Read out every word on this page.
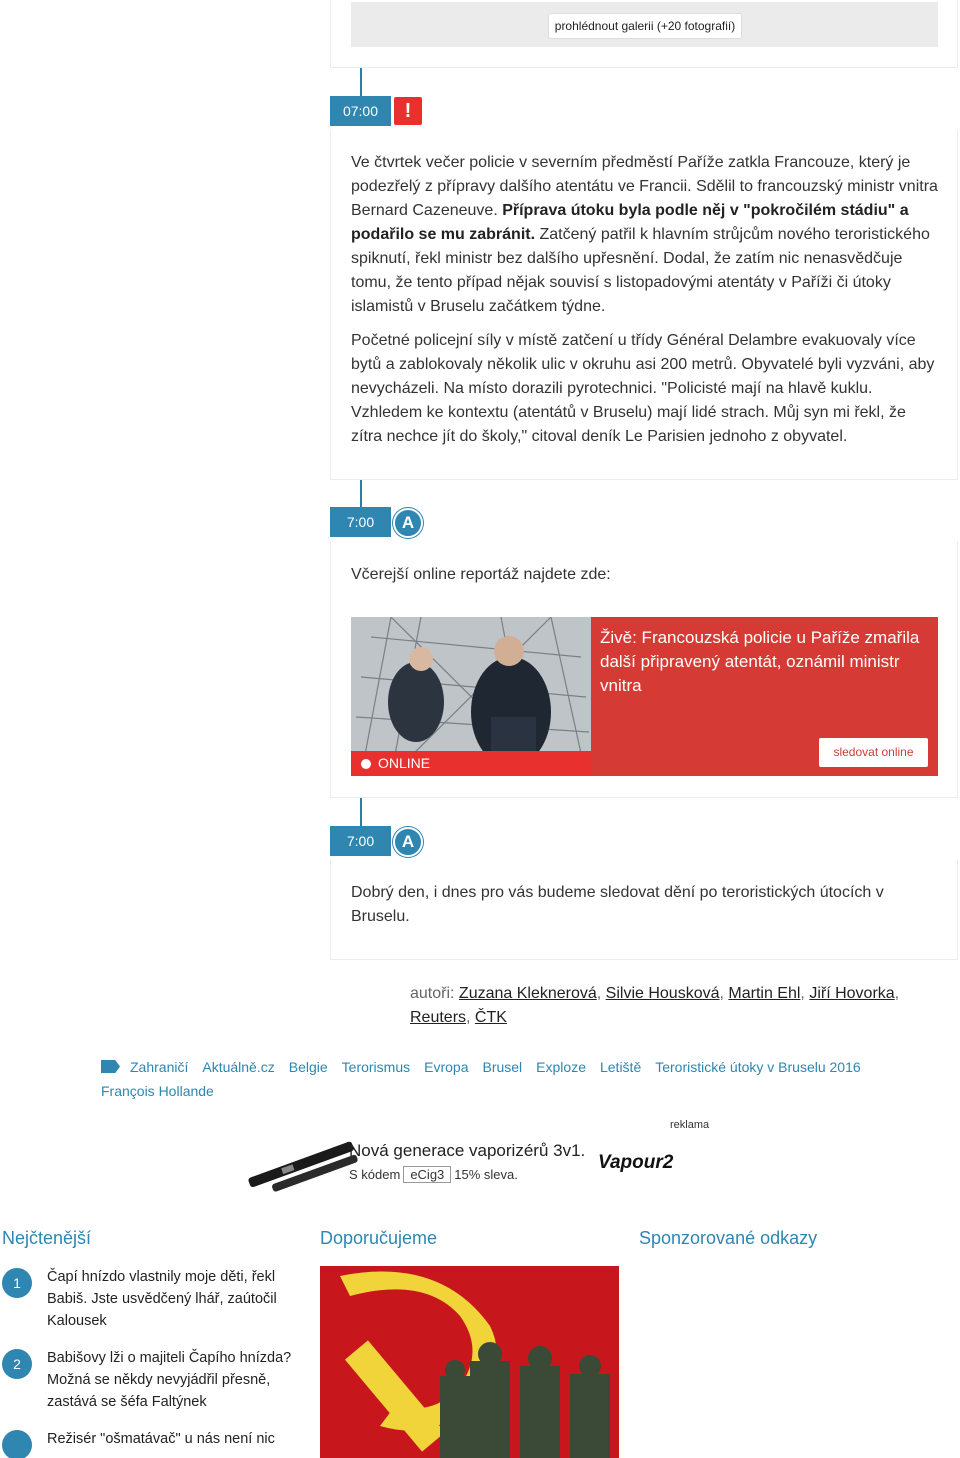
prohlédnout galerii (+20 fotografií)
07:00	!
Ve čtvrtek večer policie v severním předměstí Paříže zatkla Francouze, který je podezřelý z přípravy dalšího atentátu ve Francii. Sdělil to francouzský ministr vnitra Bernard Cazeneuve. Příprava útoku byla podle něj v "pokročilém stádiu" a podařilo se mu zabránit. Zatčený patřil k hlavním strůjcům nového teroristického spiknutí, řekl ministr bez dalšího upřesnění. Dodal, že zatím nic nenasvědčuje tomu, že tento případ nějak souvisí s listopadovými atentáty v Paříži či útoky islamistů v Bruselu začátkem týdne.
Početné policejní síly v místě zatčení u třídy Général Delambre evakuovaly více bytů a zablokovaly několik ulic v okruhu asi 200 metrů. Obyvatelé byli vyzváni, aby nevycházeli. Na místo dorazili pyrotechnici. "Policisté mají na hlavě kuklu. Vzhledem ke kontextu (atentátů v Bruselu) mají lidé strach. Můj syn mi řekl, že zítra nechce jít do školy," citoval deník Le Parisien jednoho z obyvatel.
7:00	A
Včerejší online reportáž najdete zde:
Živě: Francouzská policie u Paříže zmařila další připravený atentát, oznámil ministr vnitra
ONLINE
sledovat online
7:00	A
Dobrý den, i dnes pro vás budeme sledovat dění po teroristických útocích v Bruselu.
autoři: Zuzana Kleknerová, Silvie Housková, Martin Ehl, Jiří Hovorka,
Reuters, ČTK
Zahraničí Aktuálně.cz Belgie Terorismus Evropa Brusel Exploze Letiště Teroristické útoky v Bruselu 2016
François Hollande
reklama
Nová generace vaporizérů 3v1.
S kódem eCig3 15% sleva.
Vapour2
Nejčtenější	Doporučujeme	Sponzorované odkazy
1	Čapí hnízdo vlastnily moje děti, řekl Babiš. Jste usvědčený lhář, zaútočil Kalousek
2	Babišovy lži o majiteli Čapího hnízda? Možná se někdy nevyjádřil přesně, zastává se šéfa Faltýnek
Režisér "ošmatávač" u nás není nic
